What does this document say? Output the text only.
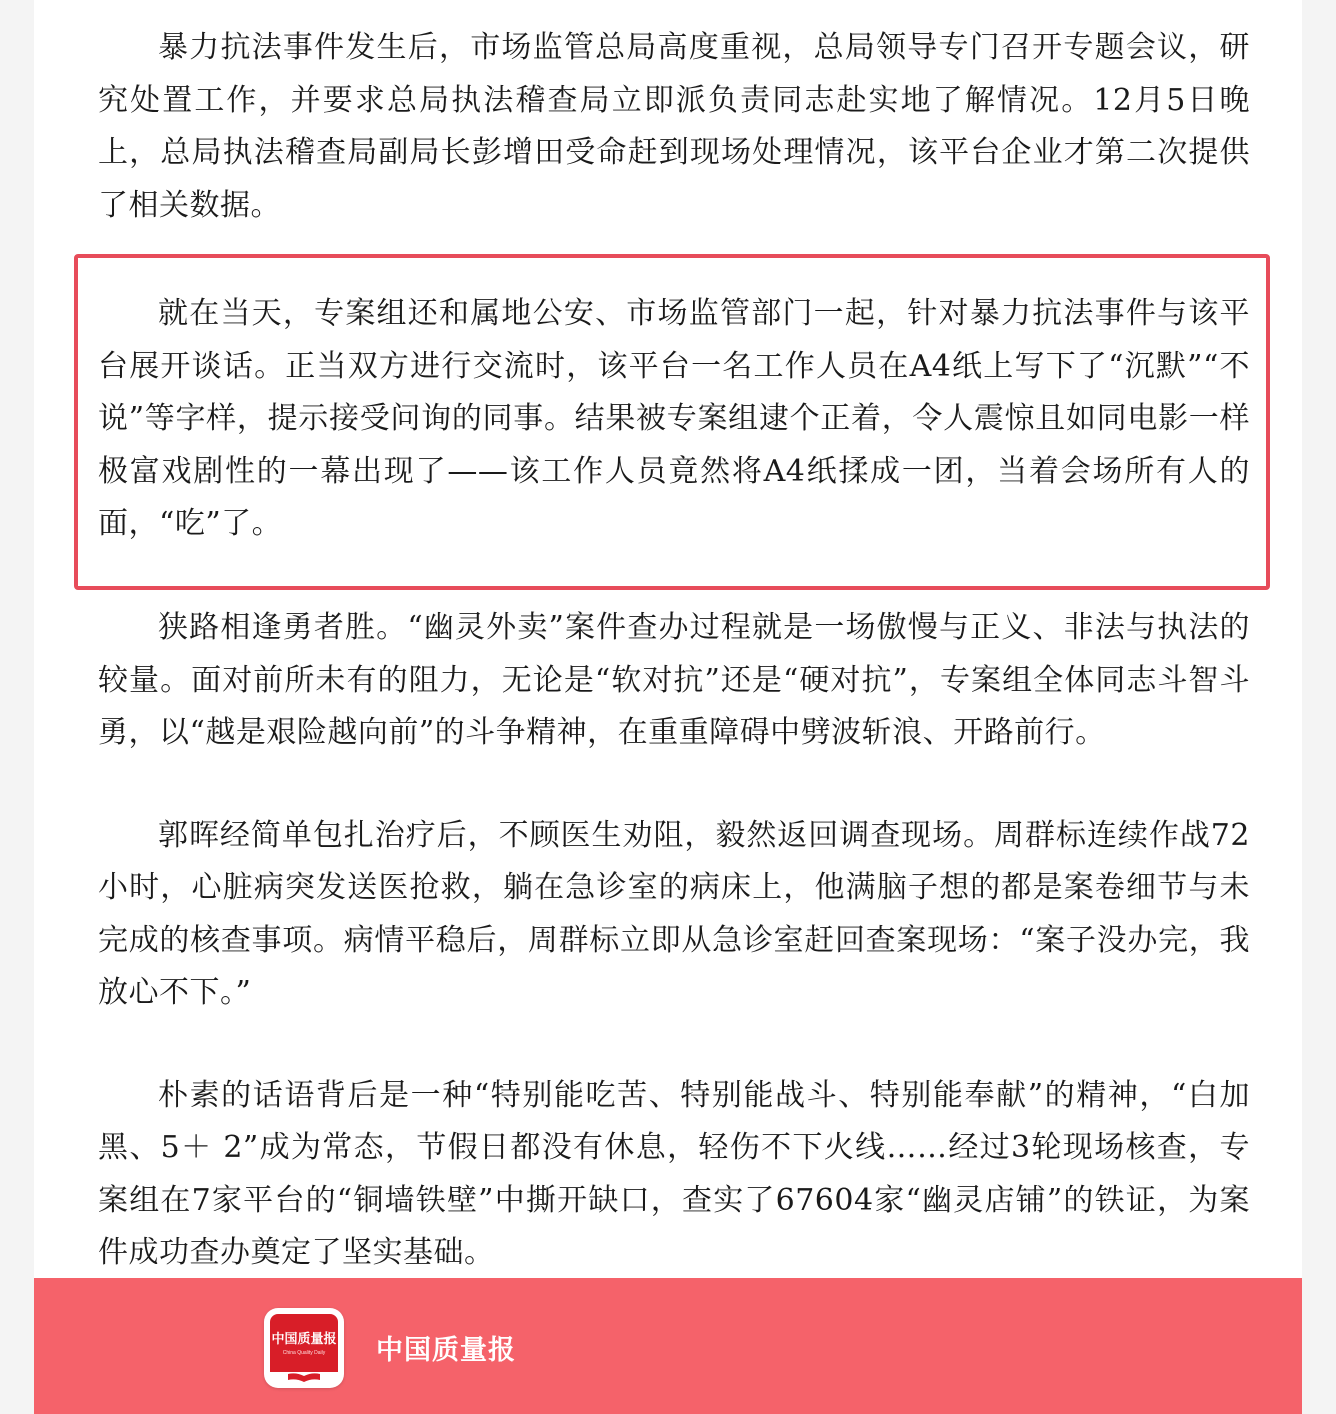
暴力抗法事件发生后，市场监管总局高度重视，总局领导专门召开专题会议，研究处置工作，并要求总局执法稽查局立即派负责同志赴实地了解情况。12月5日晚上，总局执法稽查局副局长彭增田受命赶到现场处理情况，该平台企业才第二次提供了相关数据。

就在当天，专案组还和属地公安、市场监管部门一起，针对暴力抗法事件与该平台展开谈话。正当双方进行交流时，该平台一名工作人员在A4纸上写下了“沉默”“不说”等字样，提示接受问询的同事。结果被专案组逮个正着，令人震惊且如同电影一样极富戏剧性的一幕出现了——该工作人员竟然将A4纸揉成一团，当着会场所有人的面，“吃”了。

狭路相逢勇者胜。“幽灵外卖”案件查办过程就是一场傲慢与正义、非法与执法的较量。面对前所未有的阻力，无论是“软对抗”还是“硬对抗”，专案组全体同志斗智斗勇，以“越是艰险越向前”的斗争精神，在重重障碍中劈波斩浪、开路前行。

郭晖经简单包扎治疗后，不顾医生劝阻，毅然返回调查现场。周群标连续作战72小时，心脏病突发送医抢救，躺在急诊室的病床上，他满脑子想的都是案卷细节与未完成的核查事项。病情平稳后，周群标立即从急诊室赶回查案现场：“案子没办完，我放心不下。”

朴素的话语背后是一种“特别能吃苦、特别能战斗、特别能奉献”的精神，“白加黑、5＋ 2”成为常态，节假日都没有休息，轻伤不下火线……经过3轮现场核查，专案组在7家平台的“铜墙铁壁”中撕开缺口，查实了67604家“幽灵店铺”的铁证，为案件成功查办奠定了坚实基础。

中国质量报
China Quality Daily	中国质量报
